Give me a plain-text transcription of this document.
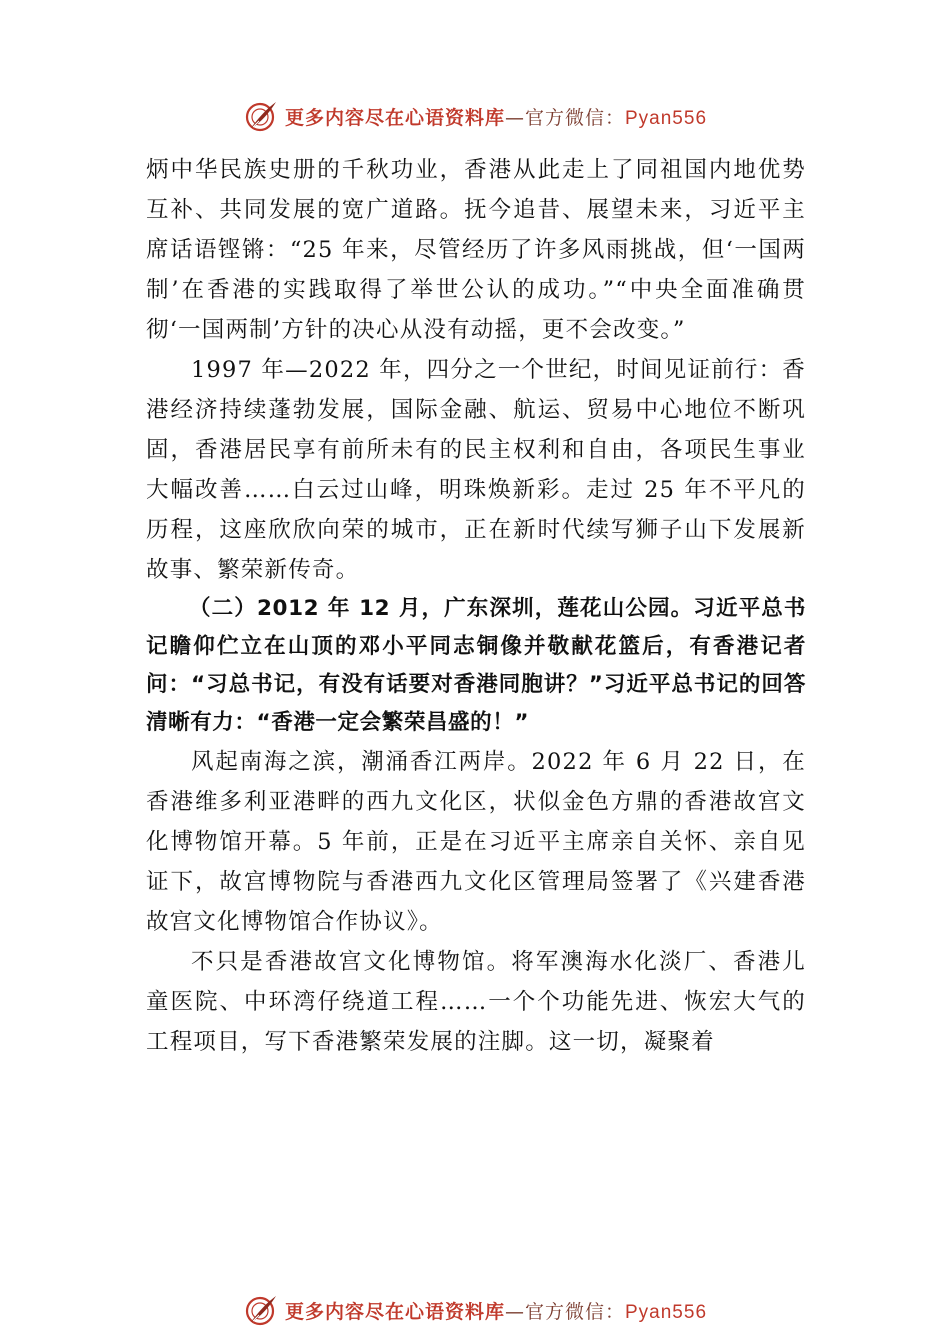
更多内容尽在心语资料库—官方微信：Pyan556

炳中华民族史册的千秋功业，香港从此走上了同祖国内地优势互补、共同发展的宽广道路。抚今追昔、展望未来，习近平主席话语铿锵：“25 年来，尽管经历了许多风雨挑战，但‘一国两制’在香港的实践取得了举世公认的成功。”“中央全面准确贯彻‘一国两制’方针的决心从没有动摇，更不会改变。”

1997 年—2022 年，四分之一个世纪，时间见证前行：香港经济持续蓬勃发展，国际金融、航运、贸易中心地位不断巩固，香港居民享有前所未有的民主权利和自由，各项民生事业大幅改善……白云过山峰，明珠焕新彩。走过 25 年不平凡的历程，这座欣欣向荣的城市，正在新时代续写狮子山下发展新故事、繁荣新传奇。

（二）2012 年 12 月，广东深圳，莲花山公园。习近平总书记瞻仰伫立在山顶的邓小平同志铜像并敬献花篮后，有香港记者问：“习总书记，有没有话要对香港同胞讲？”习近平总书记的回答清晰有力：“香港一定会繁荣昌盛的！”

风起南海之滨，潮涌香江两岸。2022 年 6 月 22 日，在香港维多利亚港畔的西九文化区，状似金色方鼎的香港故宫文化博物馆开幕。5 年前，正是在习近平主席亲自关怀、亲自见证下，故宫博物院与香港西九文化区管理局签署了《兴建香港故宫文化博物馆合作协议》。

不只是香港故宫文化博物馆。将军澳海水化淡厂、香港儿童医院、中环湾仔绕道工程……一个个功能先进、恢宏大气的工程项目，写下香港繁荣发展的注脚。这一切，凝聚着

更多内容尽在心语资料库—官方微信：Pyan556
